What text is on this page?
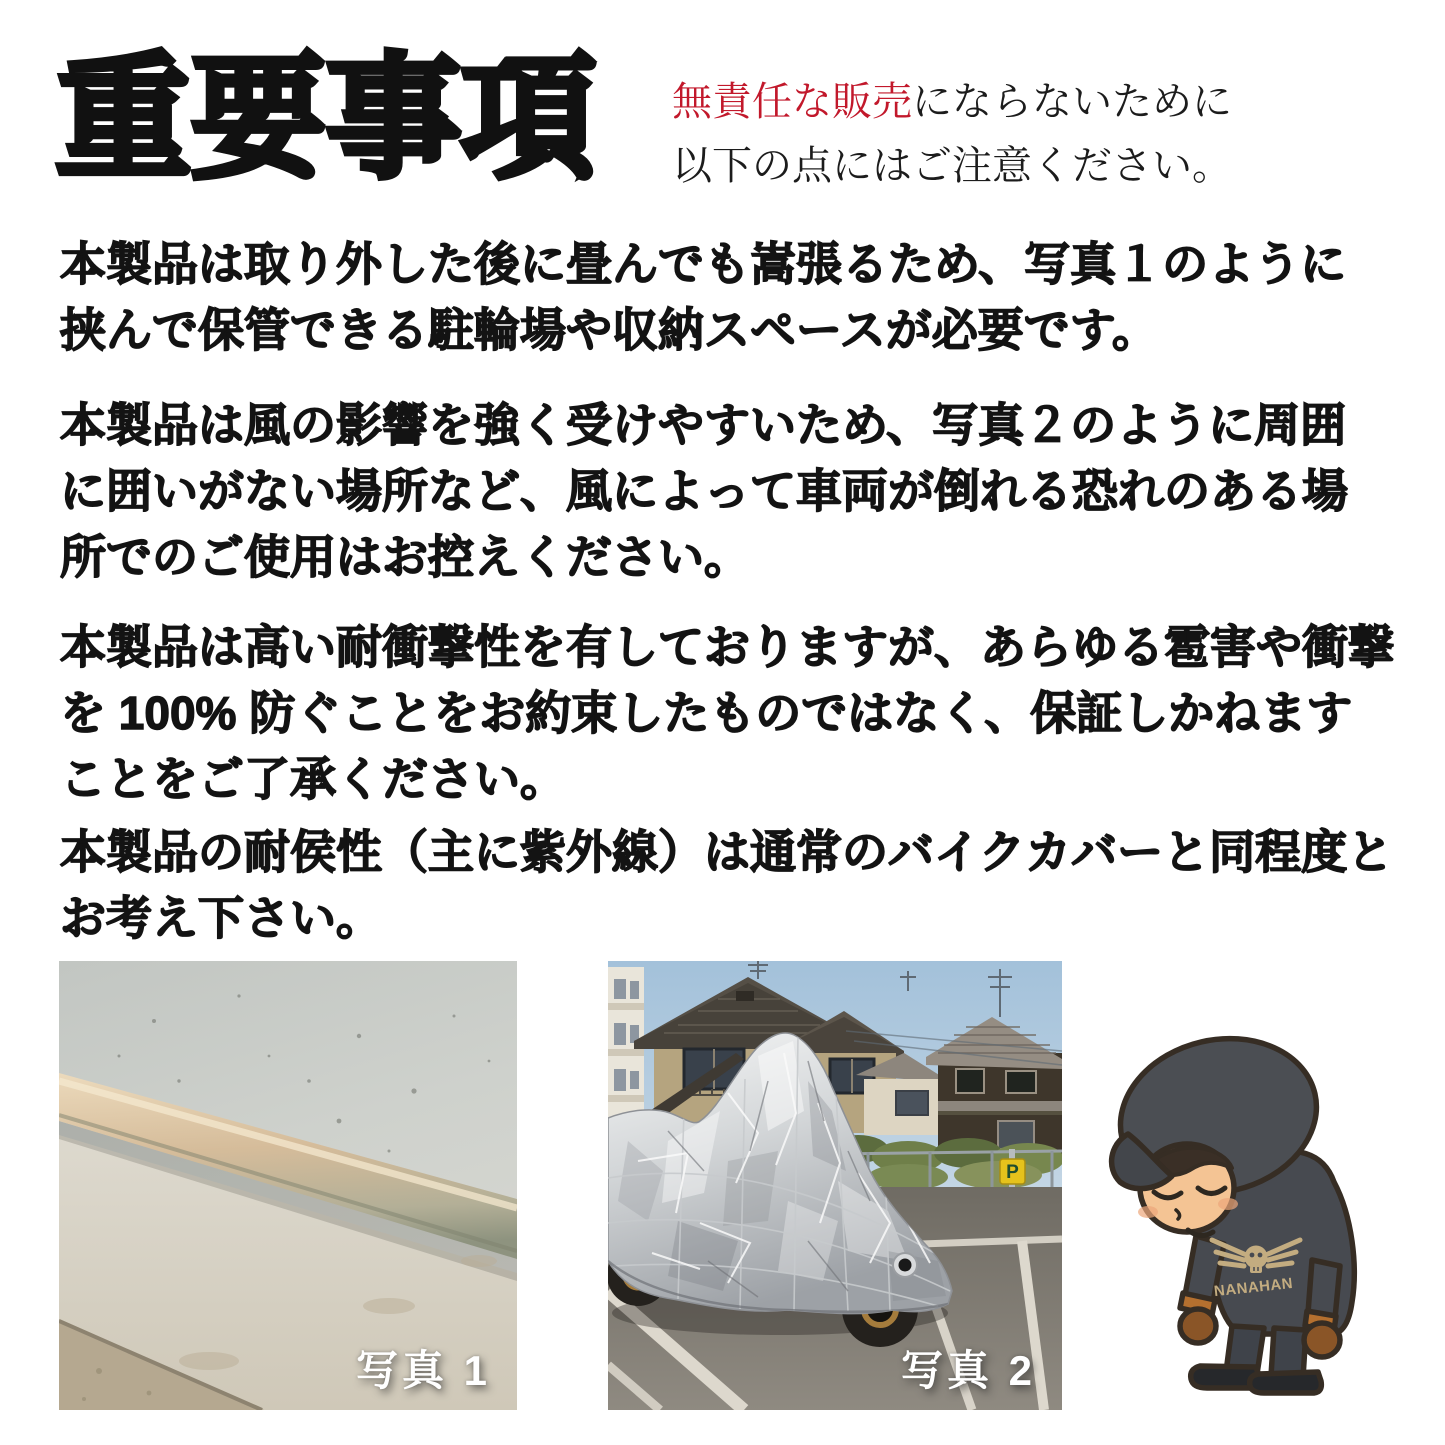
重要事項 無責任な販売にならないために
以下の点にはご注意ください。
本製品は取り外した後に畳んでも嵩張るため、写真１のように
挟んで保管できる駐輪場や収納スペースが必要です。
本製品は風の影響を強く受けやすいため、写真２のように周囲
に囲いがない場所など、風によって車両が倒れる恐れのある場
所でのご使用はお控えください。
本製品は高い耐衝撃性を有しておりますが、あらゆる雹害や衝撃
を 100% 防ぐことをお約束したものではなく、保証しかねます
ことをご了承ください。
本製品の耐侯性（主に紫外線）は通常のバイクカバーと同程度と
お考え下さい。
写真 1
P
写真 2
NANAHAN
